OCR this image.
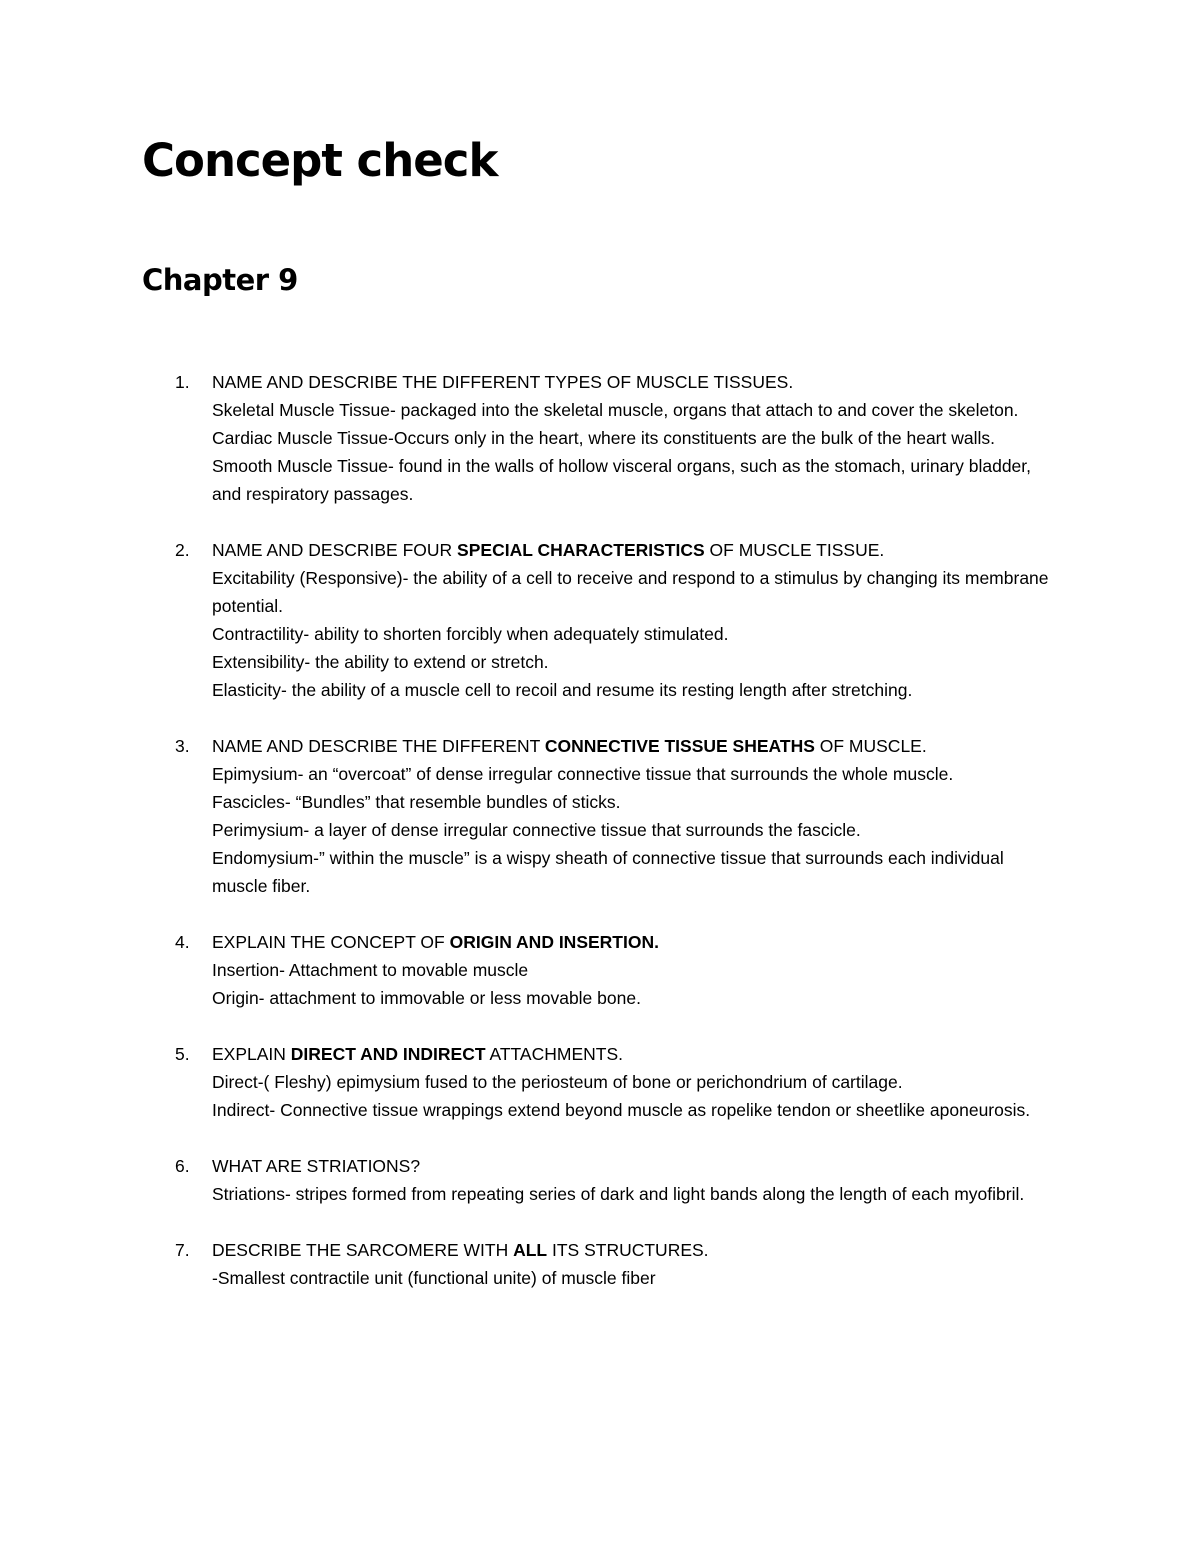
Concept check
Chapter 9
1. NAME AND DESCRIBE THE DIFFERENT TYPES OF MUSCLE TISSUES.
Skeletal Muscle Tissue- packaged into the skeletal muscle, organs that attach to and cover the skeleton.
Cardiac Muscle Tissue-Occurs only in the heart, where its constituents are the bulk of the heart walls.
Smooth Muscle Tissue- found in the walls of hollow visceral organs, such as the stomach, urinary bladder, and respiratory passages.
2. NAME AND DESCRIBE FOUR SPECIAL CHARACTERISTICS OF MUSCLE TISSUE.
Excitability (Responsive)- the ability of a cell to receive and respond to a stimulus by changing its membrane potential.
Contractility- ability to shorten forcibly when adequately stimulated.
Extensibility- the ability to extend or stretch.
Elasticity- the ability of a muscle cell to recoil and resume its resting length after stretching.
3. NAME AND DESCRIBE THE DIFFERENT CONNECTIVE TISSUE SHEATHS OF MUSCLE.
Epimysium- an “overcoat” of dense irregular connective tissue that surrounds the whole muscle.
Fascicles- “Bundles” that resemble bundles of sticks.
Perimysium- a layer of dense irregular connective tissue that surrounds the fascicle.
Endomysium-” within the muscle” is a wispy sheath of connective tissue that surrounds each individual muscle fiber.
4. EXPLAIN THE CONCEPT OF ORIGIN AND INSERTION.
Insertion- Attachment to movable muscle
Origin- attachment to immovable or less movable bone.
5. EXPLAIN DIRECT AND INDIRECT ATTACHMENTS.
Direct-( Fleshy) epimysium fused to the periosteum of bone or perichondrium of cartilage.
Indirect- Connective tissue wrappings extend beyond muscle as ropelike tendon or sheetlike aponeurosis.
6. WHAT ARE STRIATIONS?
Striations- stripes formed from repeating series of dark and light bands along the length of each myofibril.
7. DESCRIBE THE SARCOMERE WITH ALL ITS STRUCTURES.
-Smallest contractile unit (functional unite) of muscle fiber
